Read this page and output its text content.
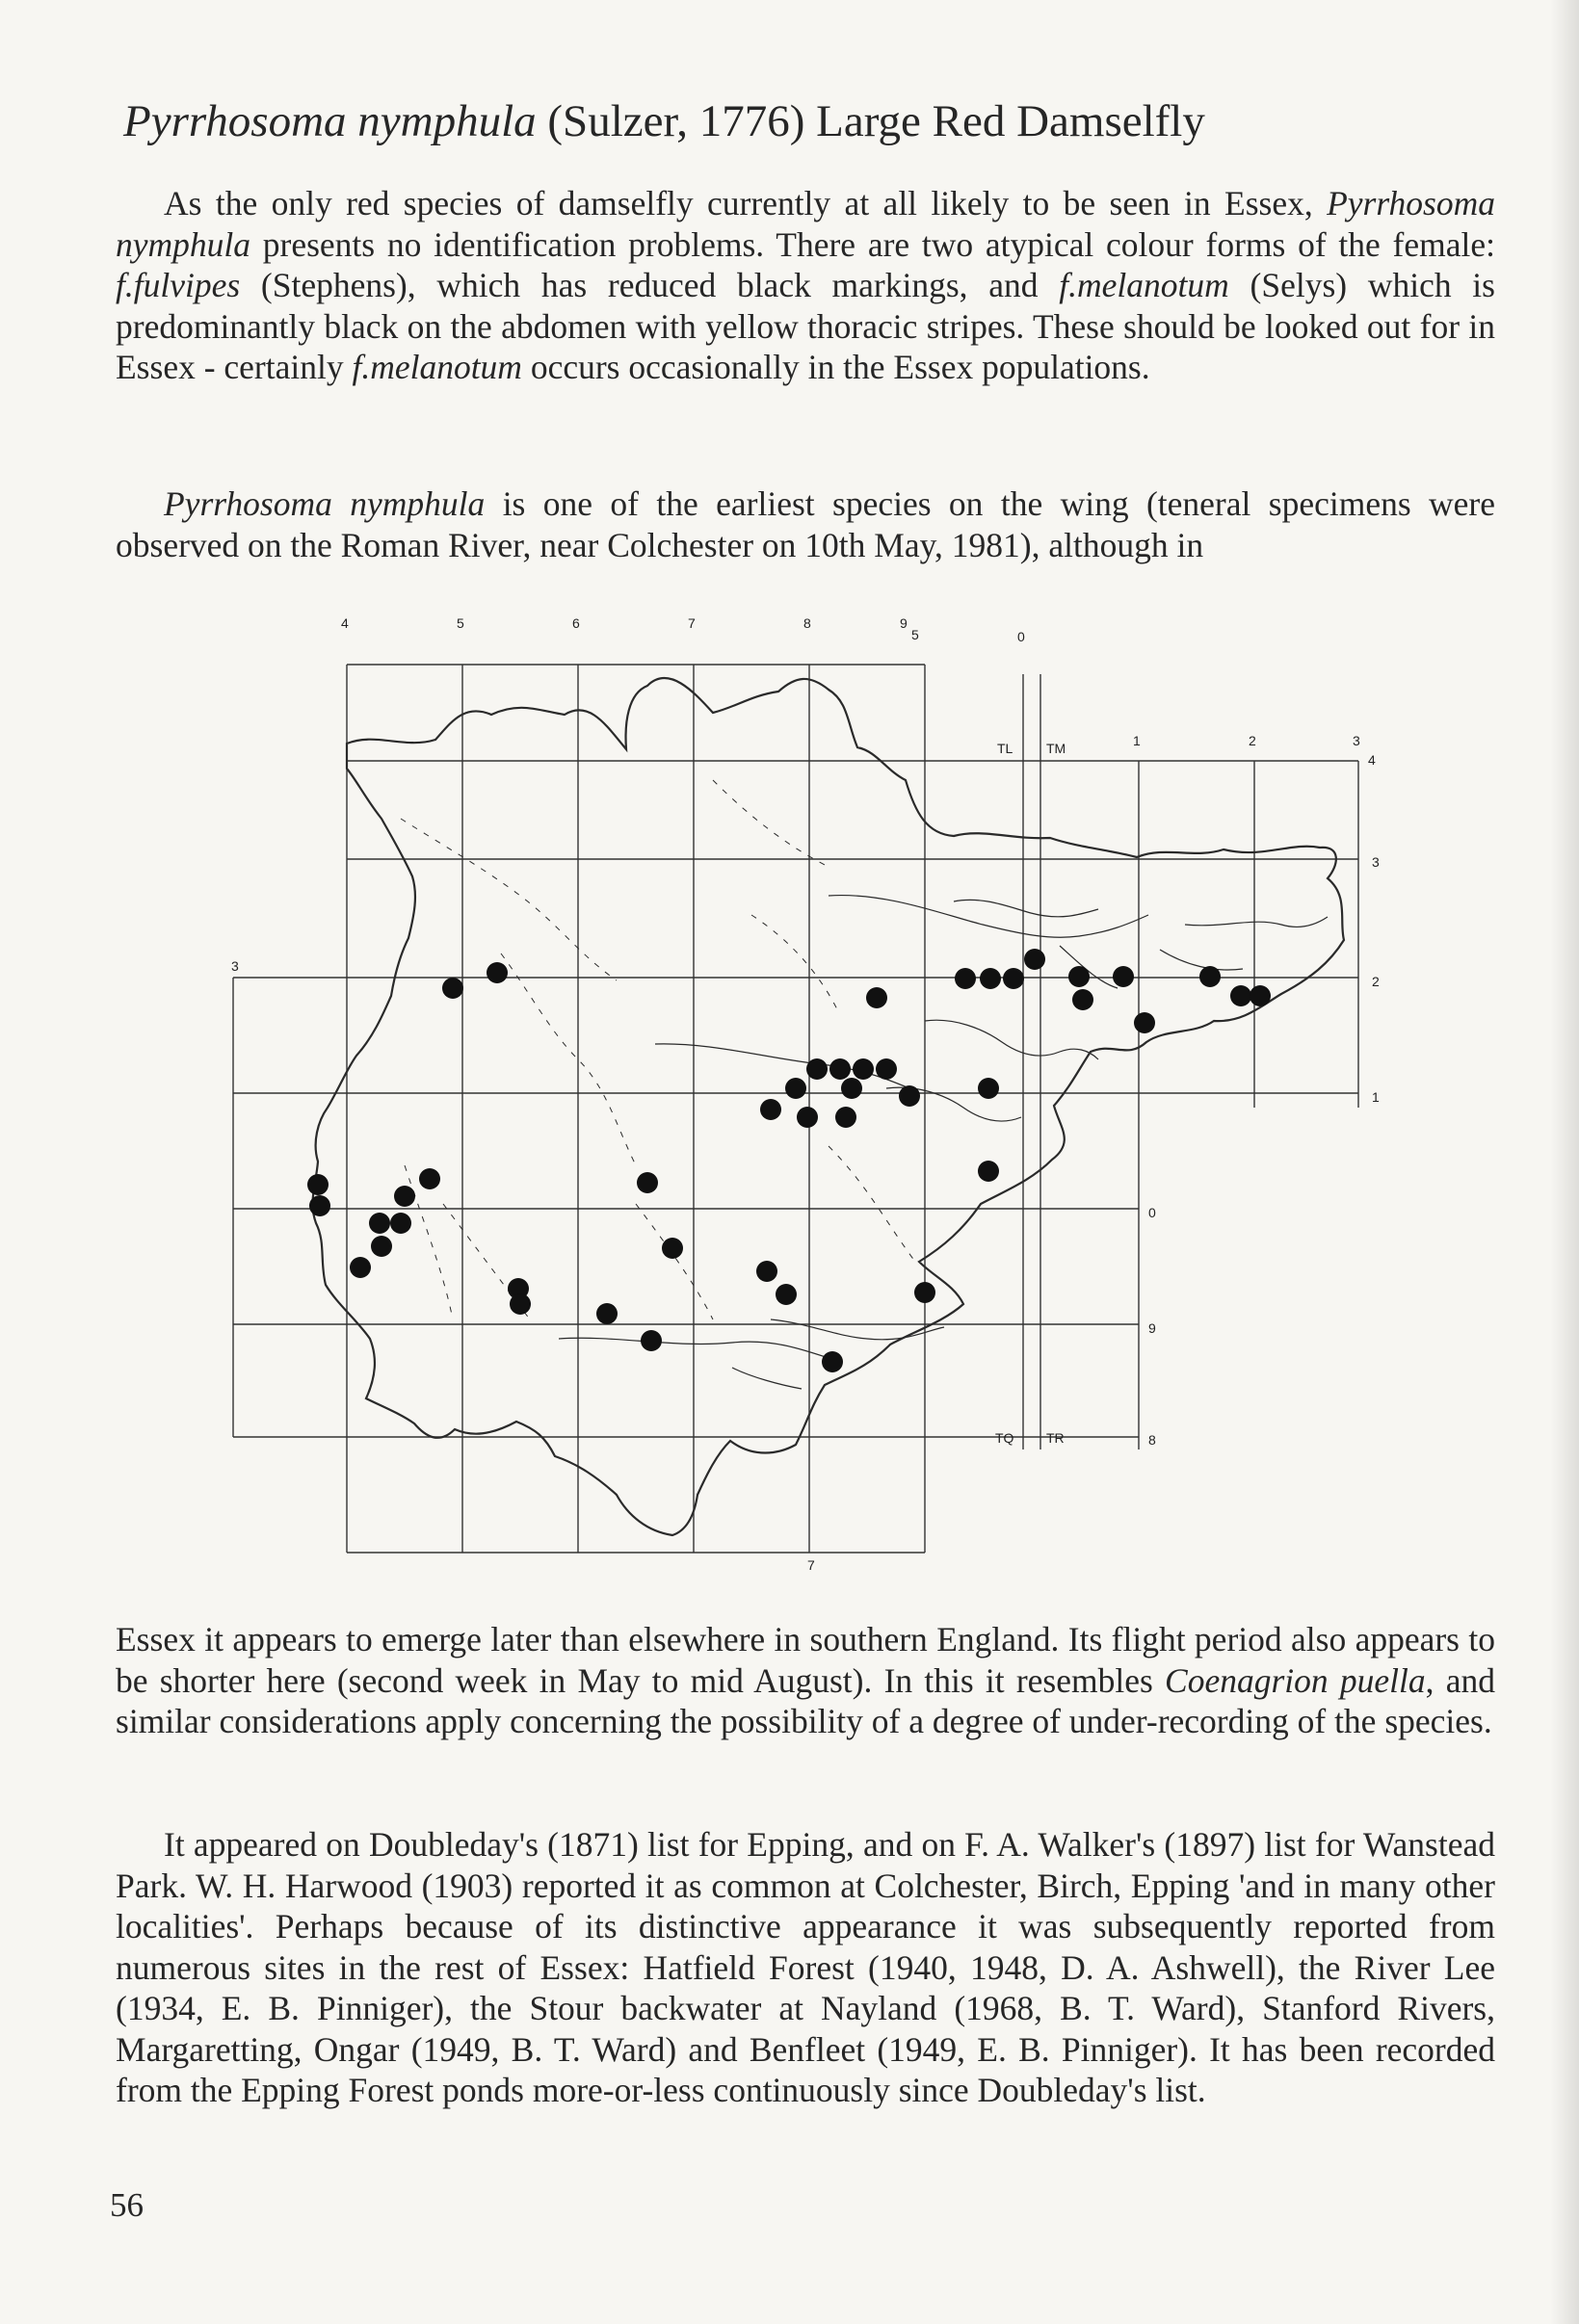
Pyrrhosoma nymphula (Sulzer, 1776) Large Red Damselfly

As the only red species of damselfly currently at all likely to be seen in Essex, Pyrrhosoma nymphula presents no identification problems. There are two atypical colour forms of the female: f.fulvipes (Stephens), which has reduced black markings, and f.melanotum (Selys) which is predominantly black on the abdomen with yellow thoracic stripes. These should be looked out for in Essex - certainly f.melanotum occurs occasionally in the Essex populations.

Pyrrhosoma nymphula is one of the earliest species on the wing (teneral specimens were observed on the Roman River, near Colchester on 10th May, 1981), although in

4	5	6	7	8	9
5	0
TL TM
TQ TR
1	2	3
4
3
2
1
0
9
8
3
7

Essex it appears to emerge later than elsewhere in southern England. Its flight period also appears to be shorter here (second week in May to mid August). In this it resembles Coenagrion puella, and similar considerations apply concerning the possibility of a degree of under-recording of the species.

It appeared on Doubleday's (1871) list for Epping, and on F. A. Walker's (1897) list for Wanstead Park. W. H. Harwood (1903) reported it as common at Colchester, Birch, Epping 'and in many other localities'. Perhaps because of its distinctive appearance it was subsequently reported from numerous sites in the rest of Essex: Hatfield Forest (1940, 1948, D. A. Ashwell), the River Lee (1934, E. B. Pinniger), the Stour backwater at Nayland (1968, B. T. Ward), Stanford Rivers, Margaretting, Ongar (1949, B. T. Ward) and Benfleet (1949, E. B. Pinniger). It has been recorded from the Epping Forest ponds more-or-less continuously since Doubleday's list.

56
